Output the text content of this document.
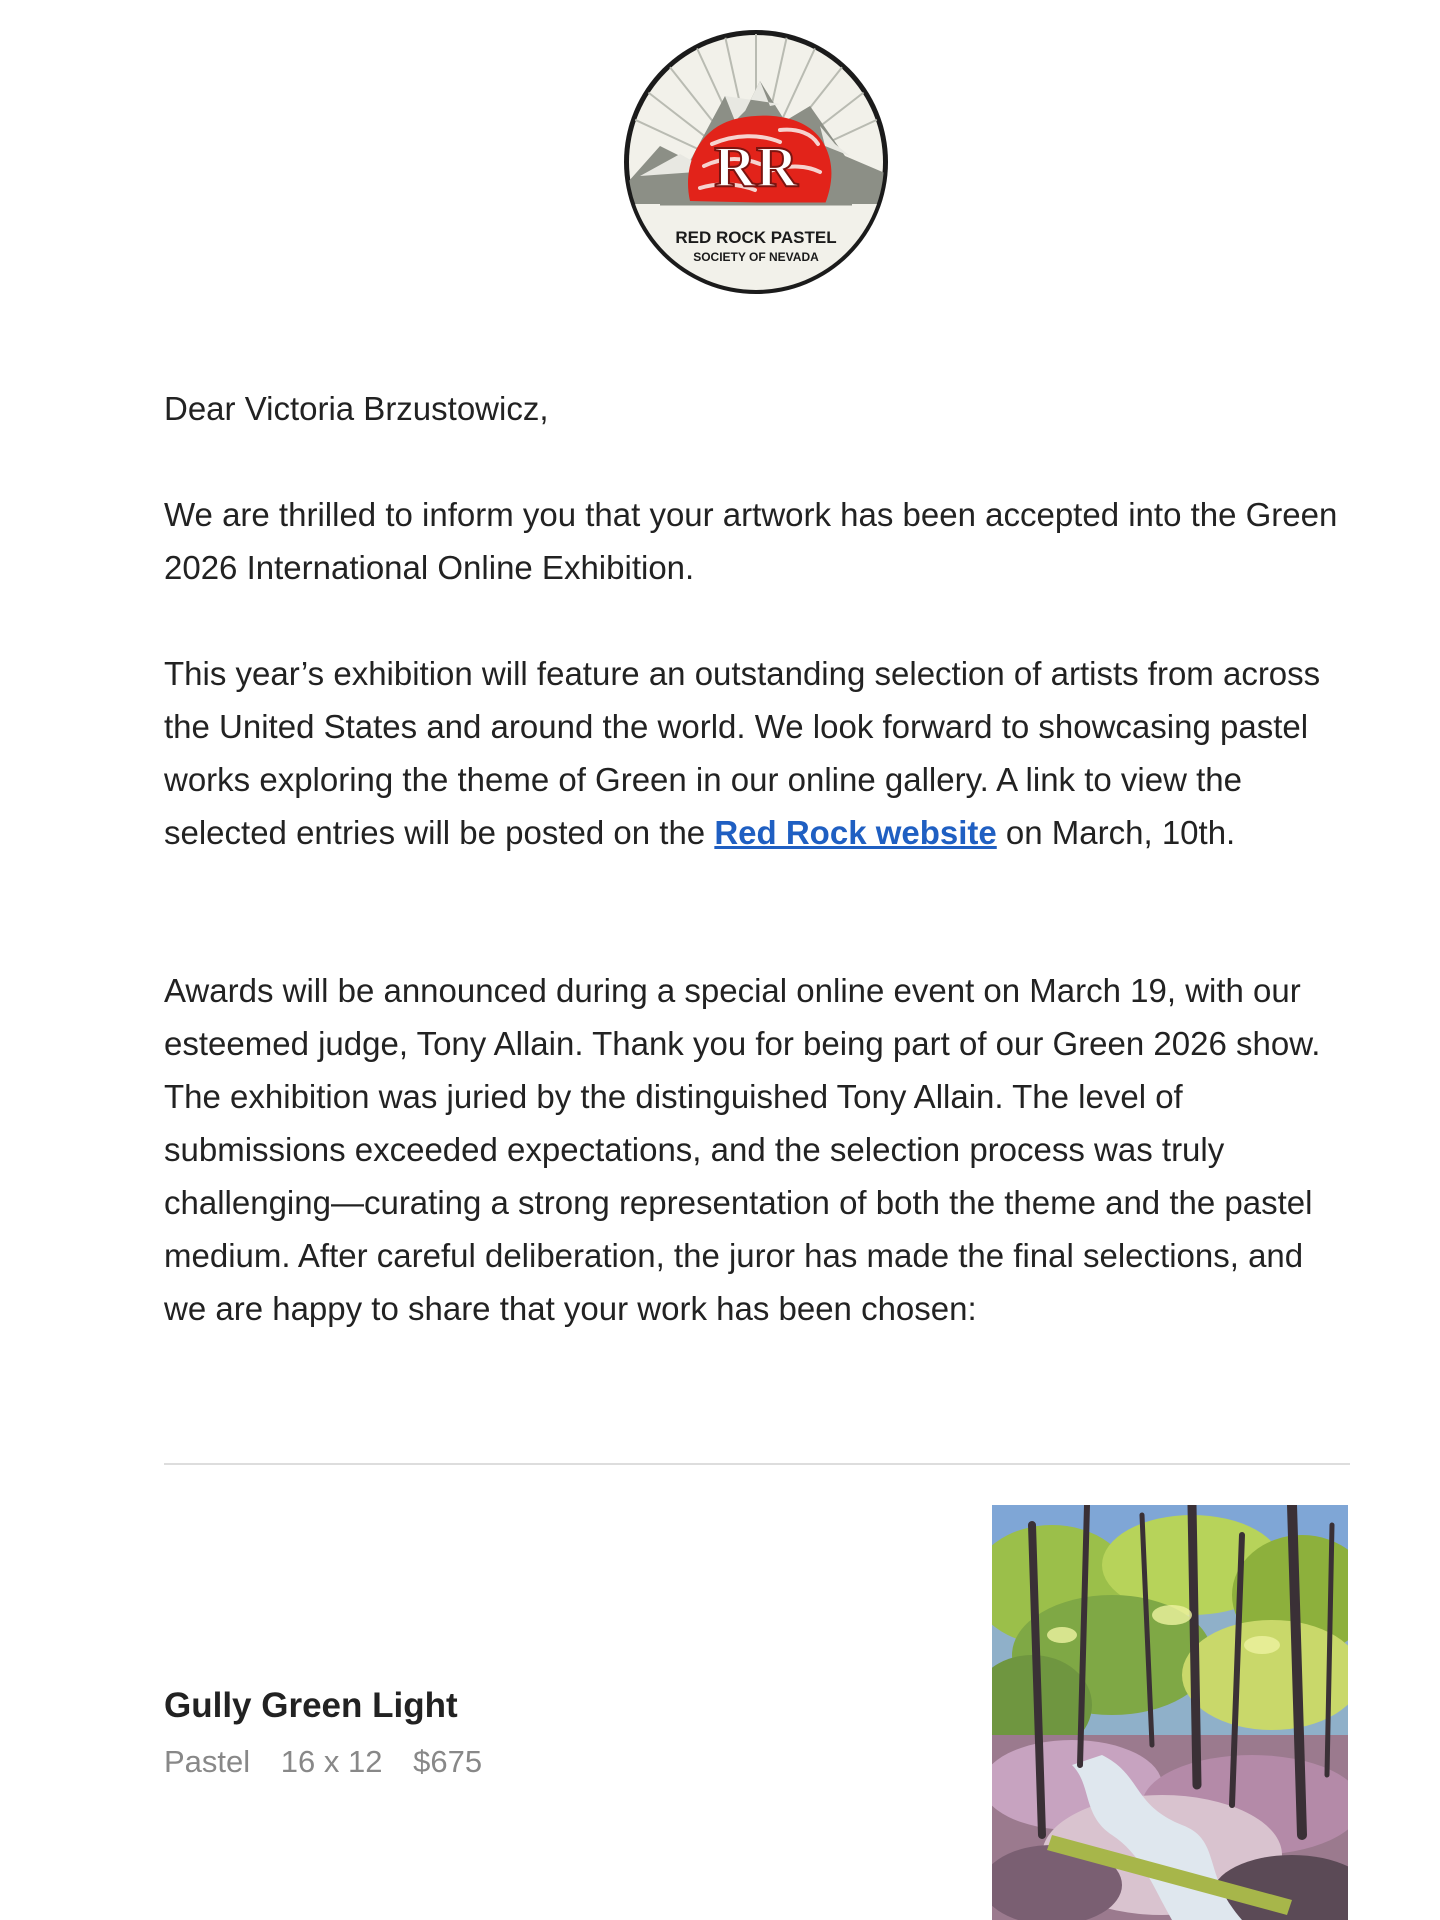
RR
RED ROCK PASTEL
SOCIETY OF NEVADA

Dear Victoria Brzustowicz,

We are thrilled to inform you that your artwork has been accepted into the Green 2026 International Online Exhibition.

This year’s exhibition will feature an outstanding selection of artists from across the United States and around the world. We look forward to showcasing pastel works exploring the theme of Green in our online gallery. A link to view the selected entries will be posted on the Red Rock website on March, 10th.

Awards will be announced during a special online event on March 19, with our esteemed judge, Tony Allain. Thank you for being part of our Green 2026 show. The exhibition was juried by the distinguished Tony Allain. The level of submissions exceeded expectations, and the selection process was truly challenging—curating a strong representation of both the theme and the pastel medium. After careful deliberation, the juror has made the final selections, and we are happy to share that your work has been chosen:

Gully Green Light
Pastel 16 x 12 $675
